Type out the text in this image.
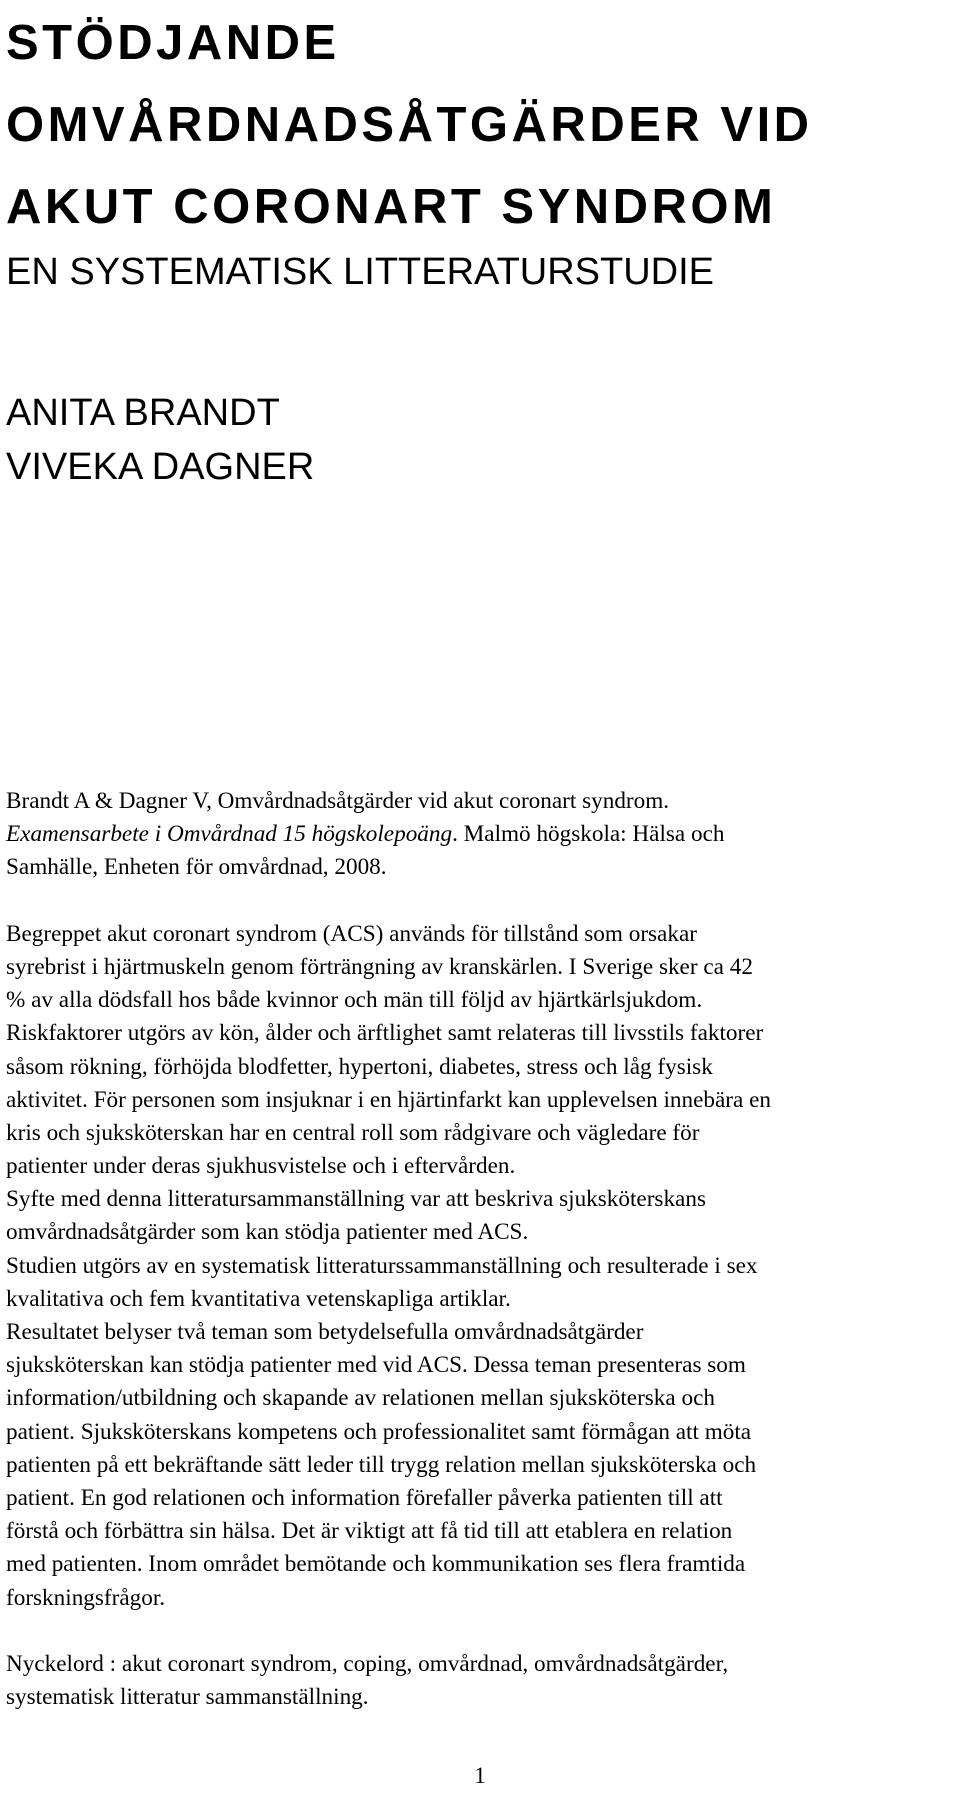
STÖDJANDE
OMVÅRDNADSÅTGÄRDER VID
AKUT CORONART SYNDROM
EN SYSTEMATISK LITTERATURSTUDIE
ANITA BRANDT
VIVEKA DAGNER
Brandt A & Dagner V, Omvårdnadsåtgärder vid akut coronart syndrom.
Examensarbete i Omvårdnad 15 högskolepoäng. Malmö högskola: Hälsa och
Samhälle, Enheten för omvårdnad, 2008.
Begreppet akut coronart syndrom (ACS) används för tillstånd som orsakar
syrebrist i hjärtmuskeln genom förträngning av kranskärlen. I Sverige sker ca 42
% av alla dödsfall hos både kvinnor och män till följd av hjärtkärlsjukdom.
Riskfaktorer utgörs av kön, ålder och ärftlighet samt relateras till livsstils faktorer
såsom rökning, förhöjda blodfetter, hypertoni, diabetes, stress och låg fysisk
aktivitet. För personen som insjuknar i en hjärtinfarkt kan upplevelsen innebära en
kris och sjuksköterskan har en central roll som rådgivare och vägledare för
patienter under deras sjukhusvistelse och i eftervården.
Syfte med denna litteratursammanställning var att beskriva sjuksköterskans
omvårdnadsåtgärder som kan stödja patienter med ACS.
Studien utgörs av en systematisk litteraturssammanställning och resulterade i sex
kvalitativa och fem kvantitativa vetenskapliga artiklar.
Resultatet belyser två teman som betydelsefulla omvårdnadsåtgärder
sjuksköterskan kan stödja patienter med vid ACS. Dessa teman presenteras som
information/utbildning och skapande av relationen mellan sjuksköterska och
patient. Sjuksköterskans kompetens och professionalitet samt förmågan att möta
patienten på ett bekräftande sätt leder till trygg relation mellan sjuksköterska och
patient. En god relationen och information förefaller påverka patienten till att
förstå och förbättra sin hälsa. Det är viktigt att få tid till att etablera en relation
med patienten. Inom området bemötande och kommunikation ses flera framtida
forskningsfrågor.
Nyckelord : akut coronart syndrom, coping, omvårdnad, omvårdnadsåtgärder,
systematisk litteratur sammanställning.
1
